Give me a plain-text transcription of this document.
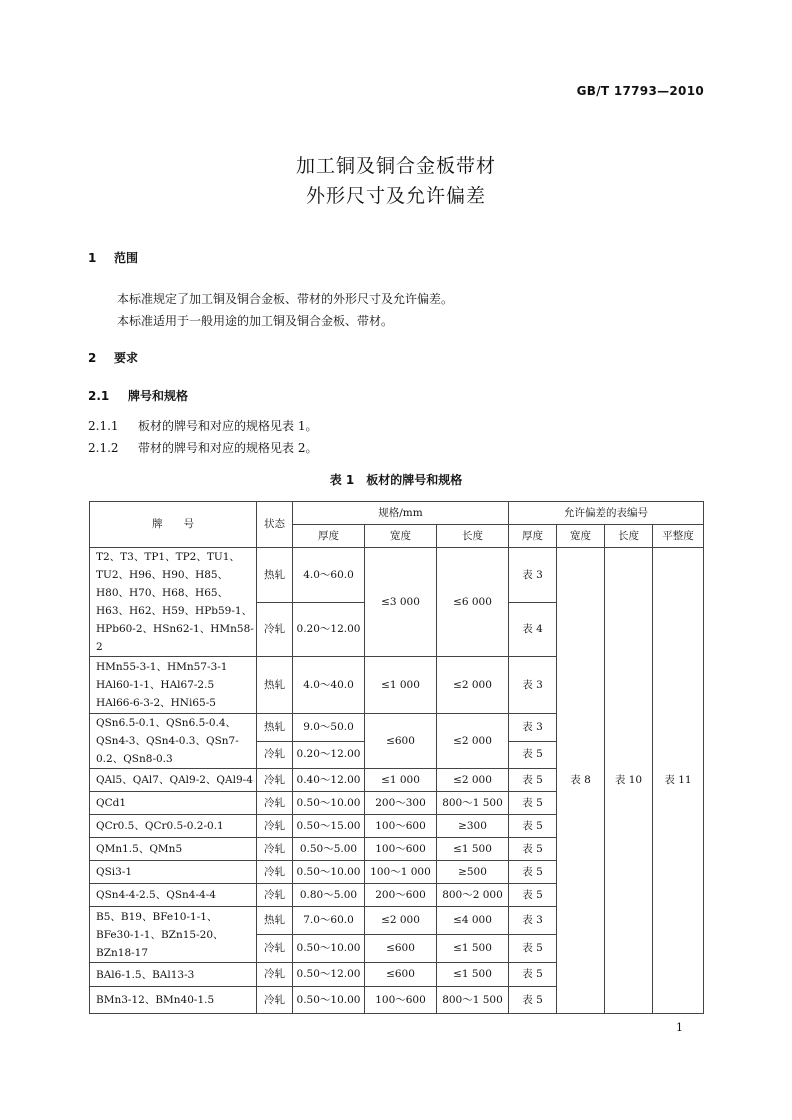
GB/T 17793—2010
加工铜及铜合金板带材
外形尺寸及允许偏差
1 范围
本标准规定了加工铜及铜合金板、带材的外形尺寸及允许偏差。
本标准适用于一般用途的加工铜及铜合金板、带材。
2 要求
2.1 牌号和规格
2.1.1 板材的牌号和对应的规格见表 1。
2.1.2 带材的牌号和对应的规格见表 2。
表 1　板材的牌号和规格
牌　　号	状态	规格/mm			允许偏差的表编号			
		厚度	宽度	长度	厚度	宽度	长度	平整度
T2、T3、TP1、TP2、TU1、TU2、H96、H90、H85、H80、H70、H68、H65、H63、H62、H59、HPb59-1、HPb60-2、HSn62-1、HMn58-2	热轧	4.0～60.0	≤3 000	≤6 000	表 3	表 8	表 10	表 11
	冷轧	0.20～12.00			表 4			
HMn55-3-1、HMn57-3-1 HAl60-1-1、HAl67-2.5 HAl66-6-3-2、HNi65-5	热轧	4.0～40.0	≤1 000	≤2 000	表 3			
QSn6.5-0.1、QSn6.5-0.4、QSn4-3、QSn4-0.3、QSn7-0.2、QSn8-0.3	热轧	9.0～50.0	≤600	≤2 000	表 3			
	冷轧	0.20～12.00			表 5			
QAl5、QAl7、QAl9-2、QAl9-4	冷轧	0.40～12.00	≤1 000	≤2 000	表 5			
QCd1	冷轧	0.50～10.00	200～300	800～1 500	表 5			
QCr0.5、QCr0.5-0.2-0.1	冷轧	0.50～15.00	100～600	≥300	表 5			
QMn1.5、QMn5	冷轧	0.50～5.00	100～600	≤1 500	表 5			
QSi3-1	冷轧	0.50～10.00	100～1 000	≥500	表 5			
QSn4-4-2.5、QSn4-4-4	冷轧	0.80～5.00	200～600	800～2 000	表 5			
B5、B19、BFe10-1-1、BFe30-1-1、BZn15-20、BZn18-17	热轧	7.0～60.0	≤2 000	≤4 000	表 3			
	冷轧	0.50～10.00	≤600	≤1 500	表 5			
BAl6-1.5、BAl13-3	冷轧	0.50～12.00	≤600	≤1 500	表 5			
BMn3-12、BMn40-1.5	冷轧	0.50～10.00	100～600	800～1 500	表 5			
1
